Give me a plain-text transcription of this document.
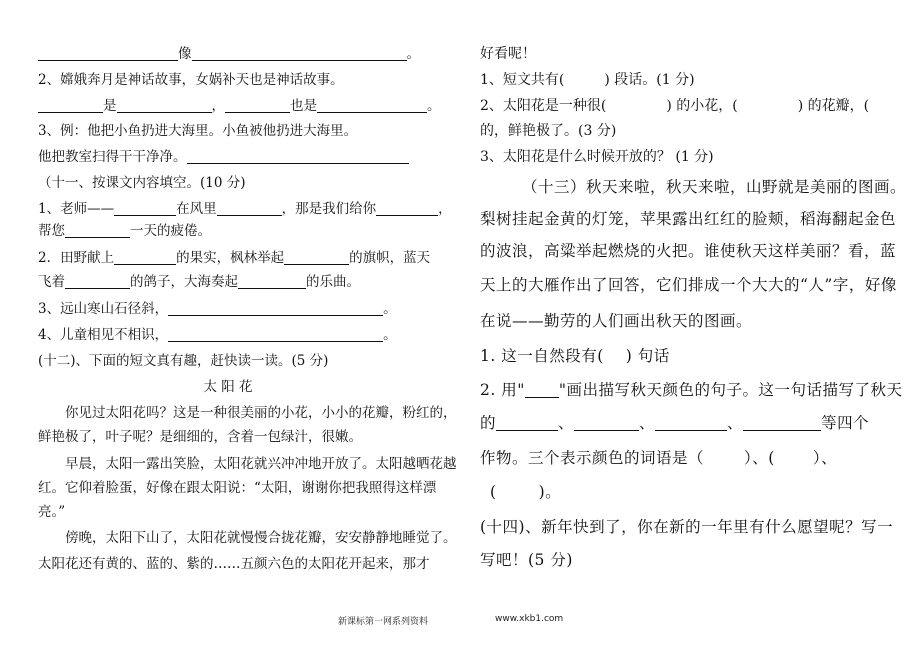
像	。
2、嫦娥奔月是神话故事，女娲补天也是神话故事。
是	，	也是	。
3、例：他把小鱼扔进大海里。小鱼被他扔进大海里。
他把教室扫得干干净净。
（十一、按课文内容填空。(10 分)
1、老师——	在风里	，那是我们给你	，
帮您	一天的疲倦。
2．田野献上	的果实，枫林举起	的旗帜，蓝天
飞着	的鸽子，大海奏起	的乐曲。
3、远山寒山石径斜，	。
4、儿童相见不相识，	。
(十二)、下面的短文真有趣，赶快读一读。(5 分)
太 阳 花
你见过太阳花吗？这是一种很美丽的小花，小小的花瓣，粉红的，
鲜艳极了，叶子呢？是细细的，含着一包绿汁，很嫩。
早晨，太阳一露出笑脸，太阳花就兴冲冲地开放了。太阳越晒花越
红。它仰着脸蛋，好像在跟太阳说：“太阳，谢谢你把我照得这样漂
亮。”
傍晚，太阳下山了，太阳花就慢慢合拢花瓣，安安静静地睡觉了。
太阳花还有黄的、蓝的、紫的……五颜六色的太阳花开起来，那才
好看呢！
1、短文共有(	) 段话。(1 分)
2、太阳花是一种很(	) 的小花，(	) 的花瓣，(
的，鲜艳极了。(3 分)
3、太阳花是什么时候开放的？ (1 分)
（十三）秋天来啦，秋天来啦，山野就是美丽的图画。
梨树挂起金黄的灯笼，苹果露出红红的脸颊，稻海翻起金色
的波浪，高粱举起燃烧的火把。谁使秋天这样美丽？看，蓝
天上的大雁作出了回答，它们排成一个大大的“人”字，好像
在说——勤劳的人们画出秋天的图画。
1. 这一自然段有( ) 句话
2. 用" "画出描写秋天颜色的句子。这一句话描写了秋天
的	、	、	、	等四个
作物。三个表示颜色的词语是（	）、( ）、
(	)。
(十四)、新年快到了，你在新的一年里有什么愿望呢？写一
写吧！(5 分)
新课标第一网系列资料	www.xkb1.com
